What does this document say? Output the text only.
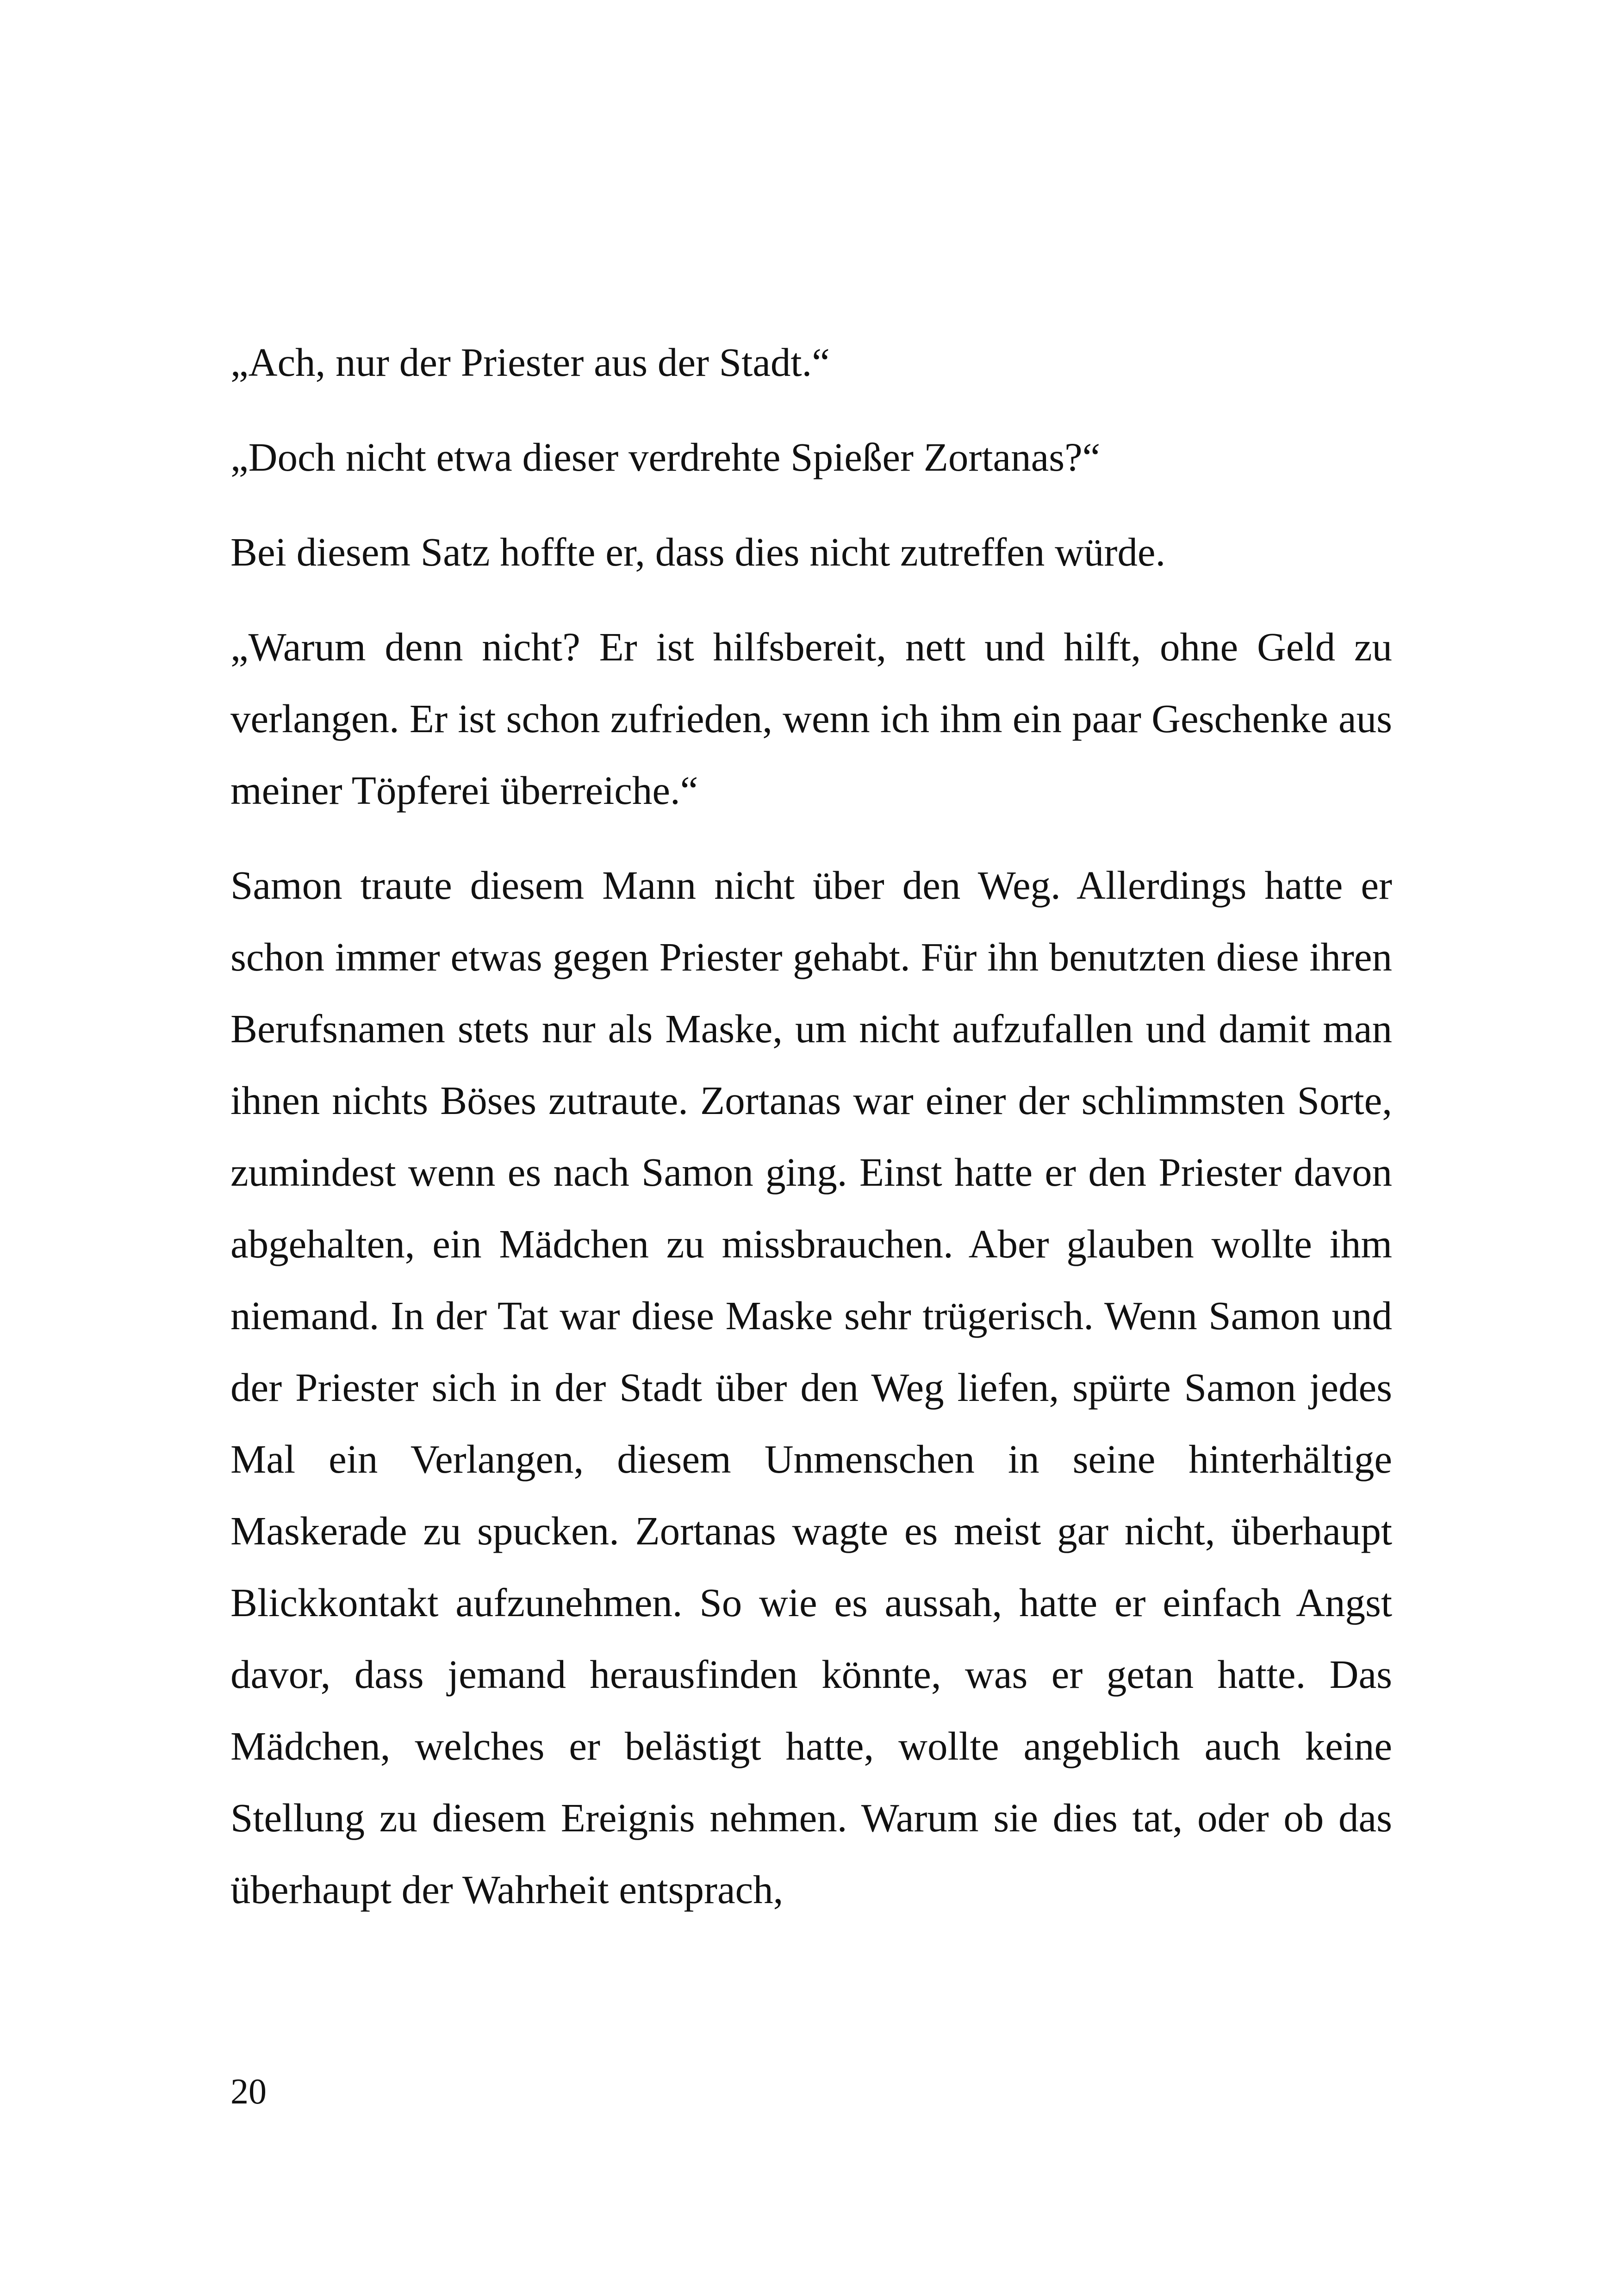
„Ach, nur der Priester aus der Stadt.“

„Doch nicht etwa dieser verdrehte Spießer Zortanas?“

Bei diesem Satz hoffte er, dass dies nicht zutreffen würde.

„Warum denn nicht? Er ist hilfsbereit, nett und hilft, ohne Geld zu verlangen. Er ist schon zufrieden, wenn ich ihm ein paar Geschenke aus meiner Töpferei überreiche.“

Samon traute diesem Mann nicht über den Weg. Allerdings hatte er schon immer etwas gegen Priester gehabt. Für ihn benutzten diese ihren Berufsnamen stets nur als Maske, um nicht aufzufallen und damit man ihnen nichts Böses zutraute. Zortanas war einer der schlimmsten Sorte, zumindest wenn es nach Samon ging. Einst hatte er den Priester davon abgehalten, ein Mädchen zu missbrauchen. Aber glauben wollte ihm niemand. In der Tat war diese Maske sehr trügerisch. Wenn Samon und der Priester sich in der Stadt über den Weg liefen, spürte Samon jedes Mal ein Verlangen, diesem Unmenschen in seine hinterhältige Maskerade zu spucken. Zortanas wagte es meist gar nicht, überhaupt Blickkontakt aufzunehmen. So wie es aussah, hatte er einfach Angst davor, dass jemand herausfinden könnte, was er getan hatte. Das Mädchen, welches er belästigt hatte, wollte angeblich auch keine Stellung zu diesem Ereignis nehmen. Warum sie dies tat, oder ob das überhaupt der Wahrheit entsprach,

20
